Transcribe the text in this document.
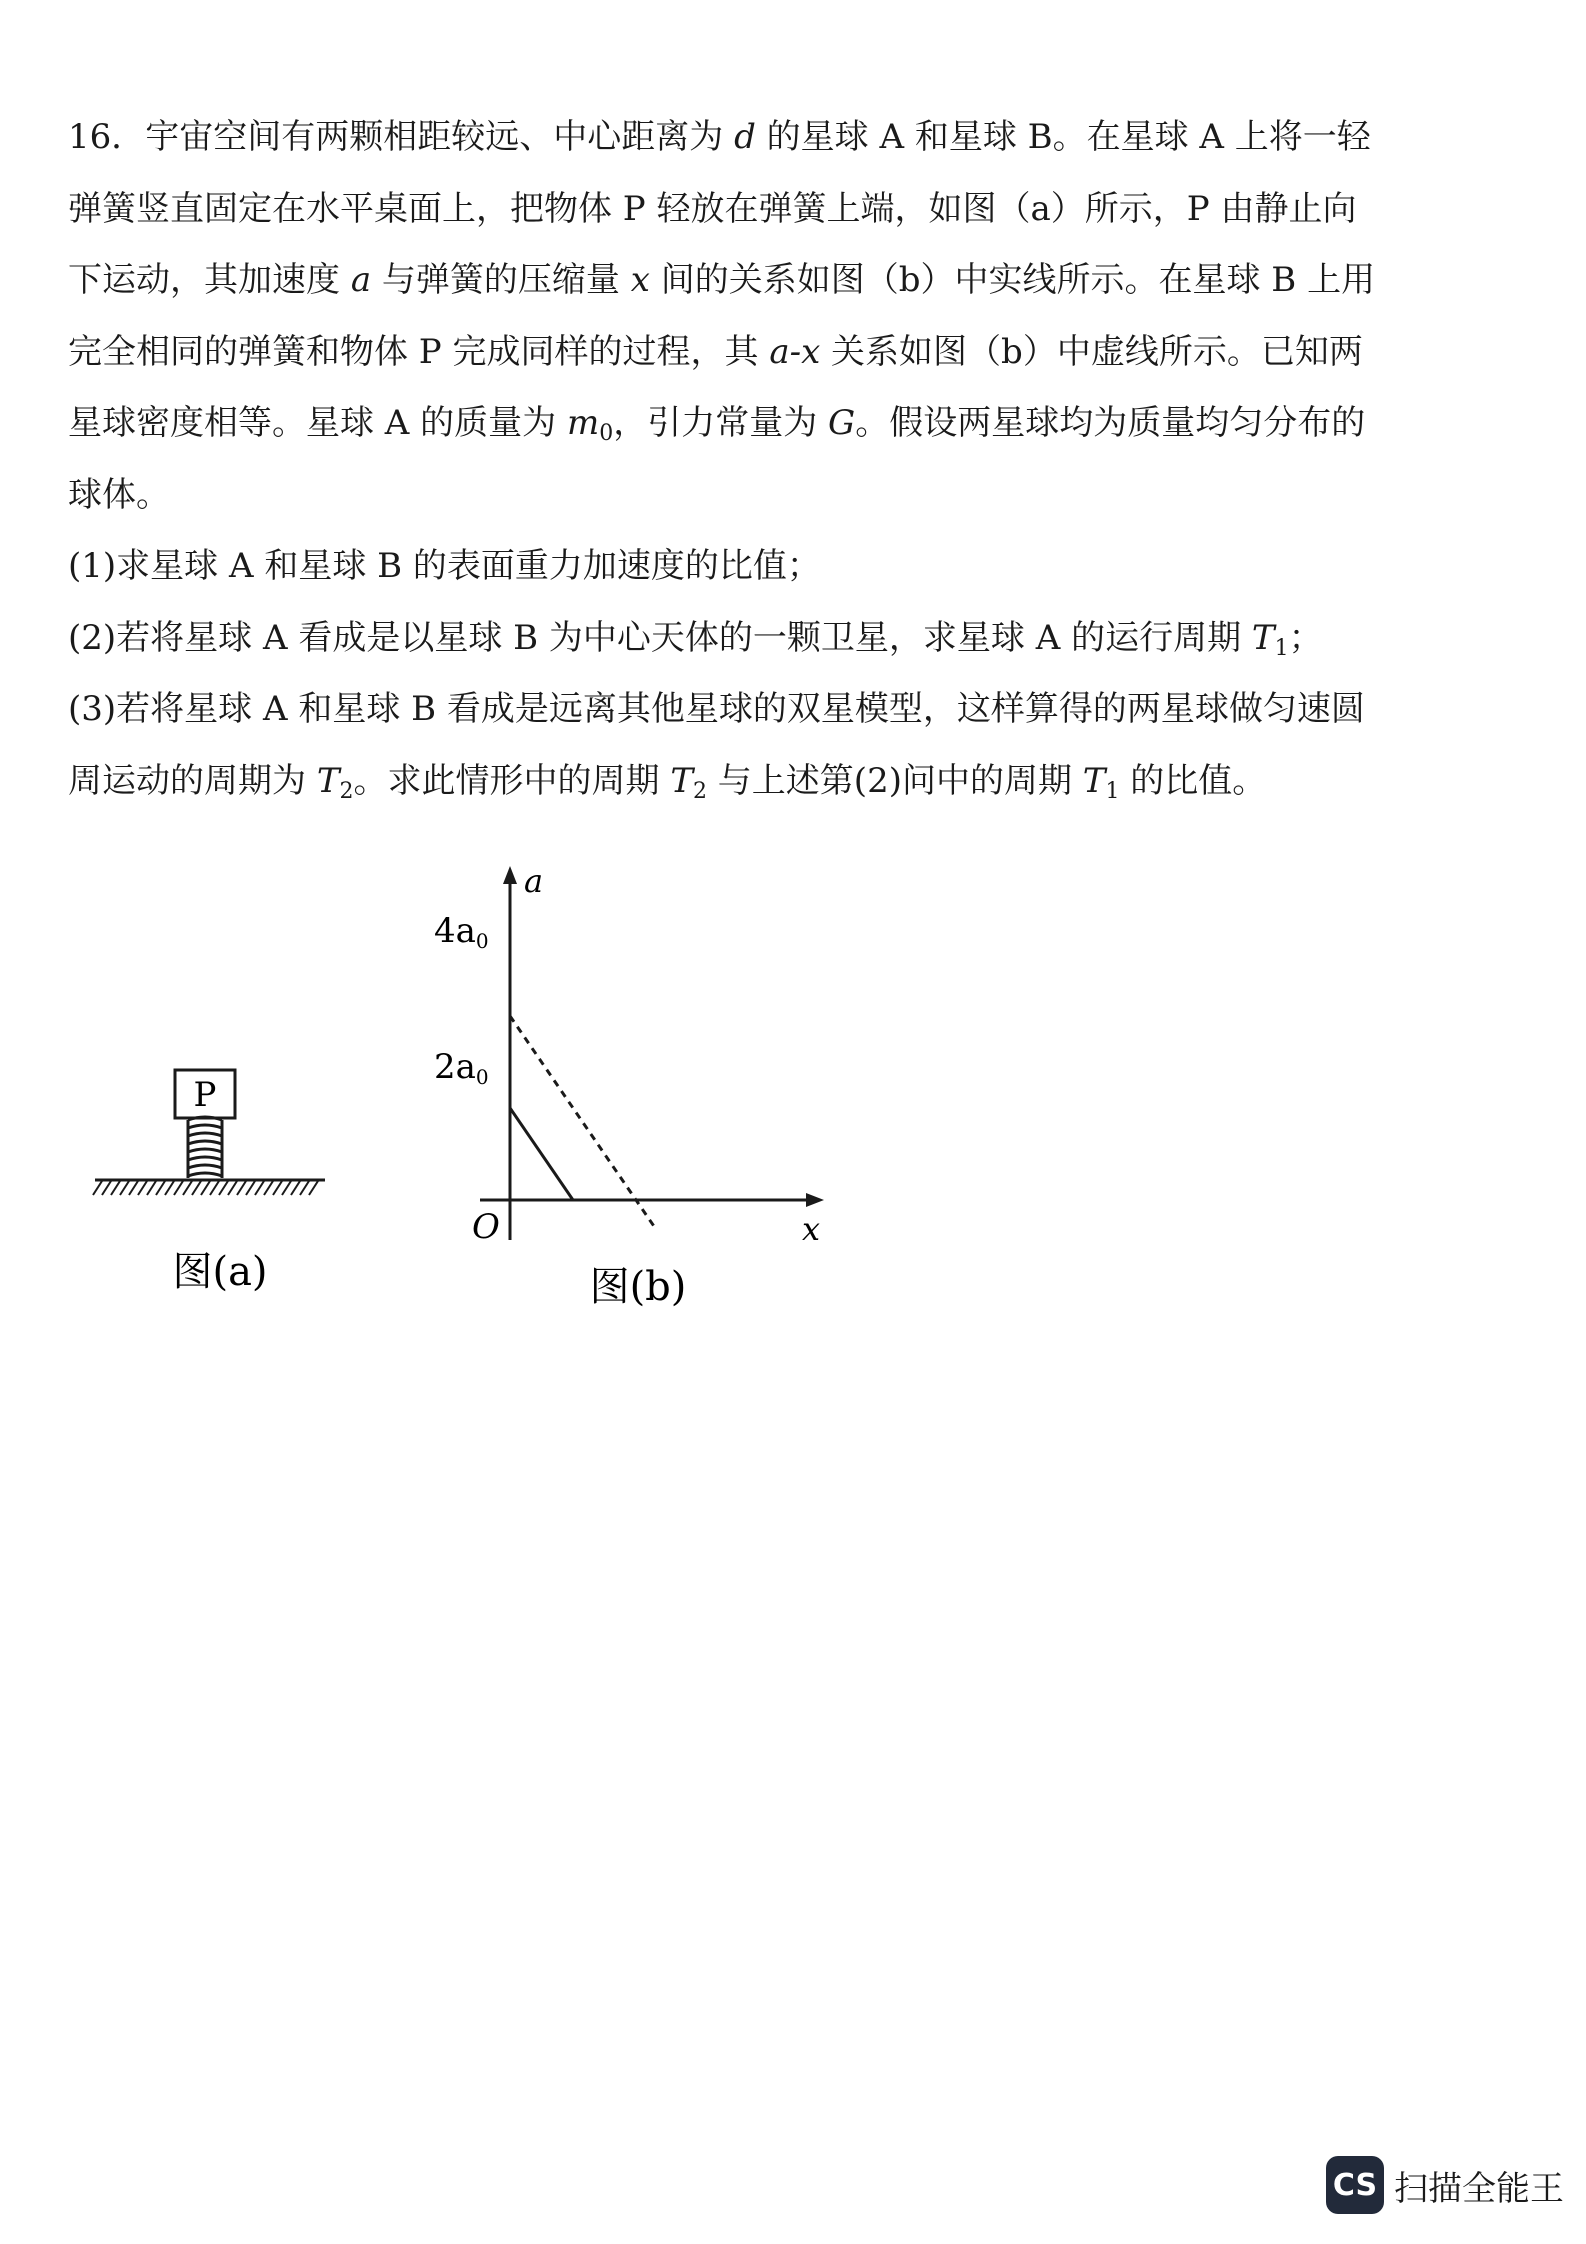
16．宇宙空间有两颗相距较远、中心距离为 d 的星球 A 和星球 B。在星球 A 上将一轻
弹簧竖直固定在水平桌面上，把物体 P 轻放在弹簧上端，如图（a）所示，P 由静止向
下运动，其加速度 a 与弹簧的压缩量 x 间的关系如图（b）中实线所示。在星球 B 上用
完全相同的弹簧和物体 P 完成同样的过程，其 a-x 关系如图（b）中虚线所示。已知两
星球密度相等。星球 A 的质量为 $m_0$，引力常量为 G。假设两星球均为质量均匀分布的
球体。
(1)求星球 A 和星球 B 的表面重力加速度的比值；
(2)若将星球 A 看成是以星球 B 为中心天体的一颗卫星，求星球 A 的运行周期 $T_1$；
(3)若将星球 A 和星球 B 看成是远离其他星球的双星模型，这样算得的两星球做匀速圆
周运动的周期为 $T_2$。求此情形中的周期 $T_2$ 与上述第(2)问中的周期 $T_1$ 的比值。
P
图(a)
a
x
O
4a0
2a0
图(b)
CS 扫描全能王
